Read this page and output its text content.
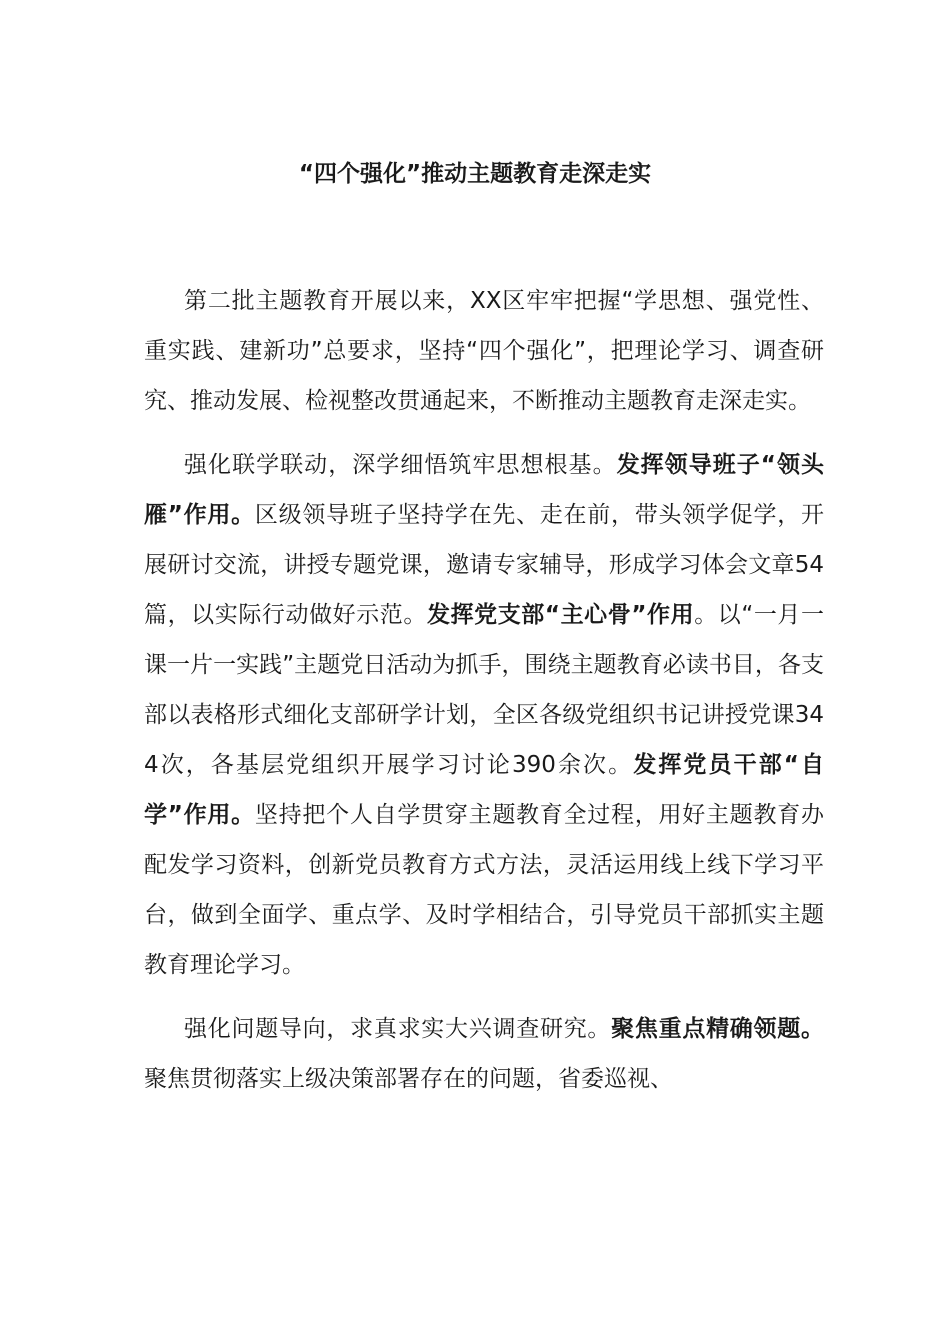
“四个强化”推动主题教育走深走实

第二批主题教育开展以来，XX区牢牢把握“学思想、强党性、重实践、建新功”总要求，坚持“四个强化”，把理论学习、调查研究、推动发展、检视整改贯通起来，不断推动主题教育走深走实。

强化联学联动，深学细悟筑牢思想根基。发挥领导班子“领头雁”作用。区级领导班子坚持学在先、走在前，带头领学促学，开展研讨交流，讲授专题党课，邀请专家辅导，形成学习体会文章54篇，以实际行动做好示范。发挥党支部“主心骨”作用。以“一月一课一片一实践”主题党日活动为抓手，围绕主题教育必读书目，各支部以表格形式细化支部研学计划，全区各级党组织书记讲授党课344次，各基层党组织开展学习讨论390余次。发挥党员干部“自学”作用。坚持把个人自学贯穿主题教育全过程，用好主题教育办配发学习资料，创新党员教育方式方法，灵活运用线上线下学习平台，做到全面学、重点学、及时学相结合，引导党员干部抓实主题教育理论学习。

强化问题导向，求真求实大兴调查研究。聚焦重点精确领题。聚焦贯彻落实上级决策部署存在的问题，省委巡视、
